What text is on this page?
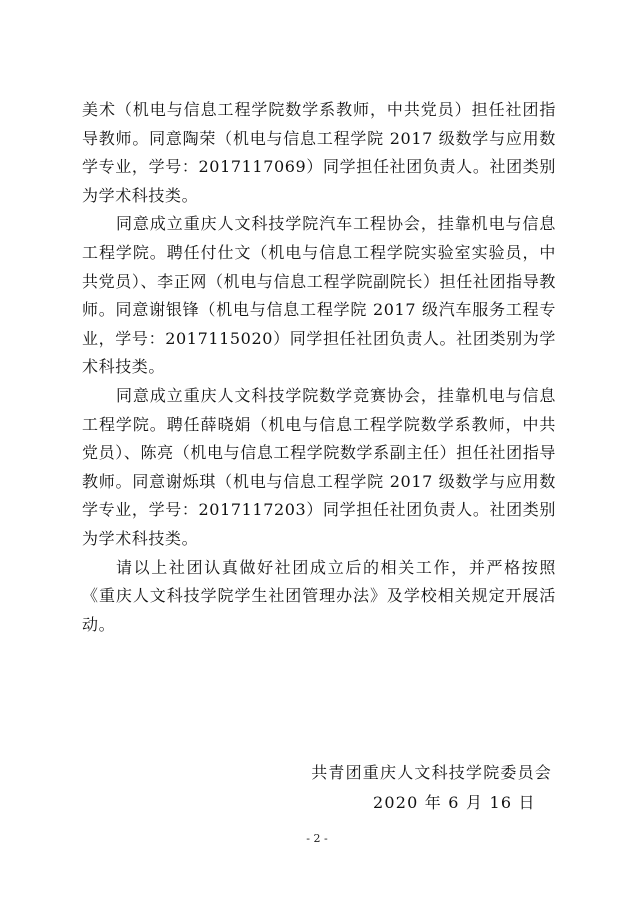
美术（机电与信息工程学院数学系教师，中共党员）担任社团指导教师。同意陶荣（机电与信息工程学院 2017 级数学与应用数学专业，学号：2017117069）同学担任社团负责人。社团类别为学术科技类。

同意成立重庆人文科技学院汽车工程协会，挂靠机电与信息工程学院。聘任付仕文（机电与信息工程学院实验室实验员，中共党员）、李正网（机电与信息工程学院副院长）担任社团指导教师。同意谢银锋（机电与信息工程学院 2017 级汽车服务工程专业，学号：2017115020）同学担任社团负责人。社团类别为学术科技类。

同意成立重庆人文科技学院数学竞赛协会，挂靠机电与信息工程学院。聘任薛晓娟（机电与信息工程学院数学系教师，中共党员）、陈亮（机电与信息工程学院数学系副主任）担任社团指导教师。同意谢烁琪（机电与信息工程学院 2017 级数学与应用数学专业，学号：2017117203）同学担任社团负责人。社团类别为学术科技类。

请以上社团认真做好社团成立后的相关工作，并严格按照《重庆人文科技学院学生社团管理办法》及学校相关规定开展活动。

共青团重庆人文科技学院委员会
2020 年 6 月 16 日
- 2 -
